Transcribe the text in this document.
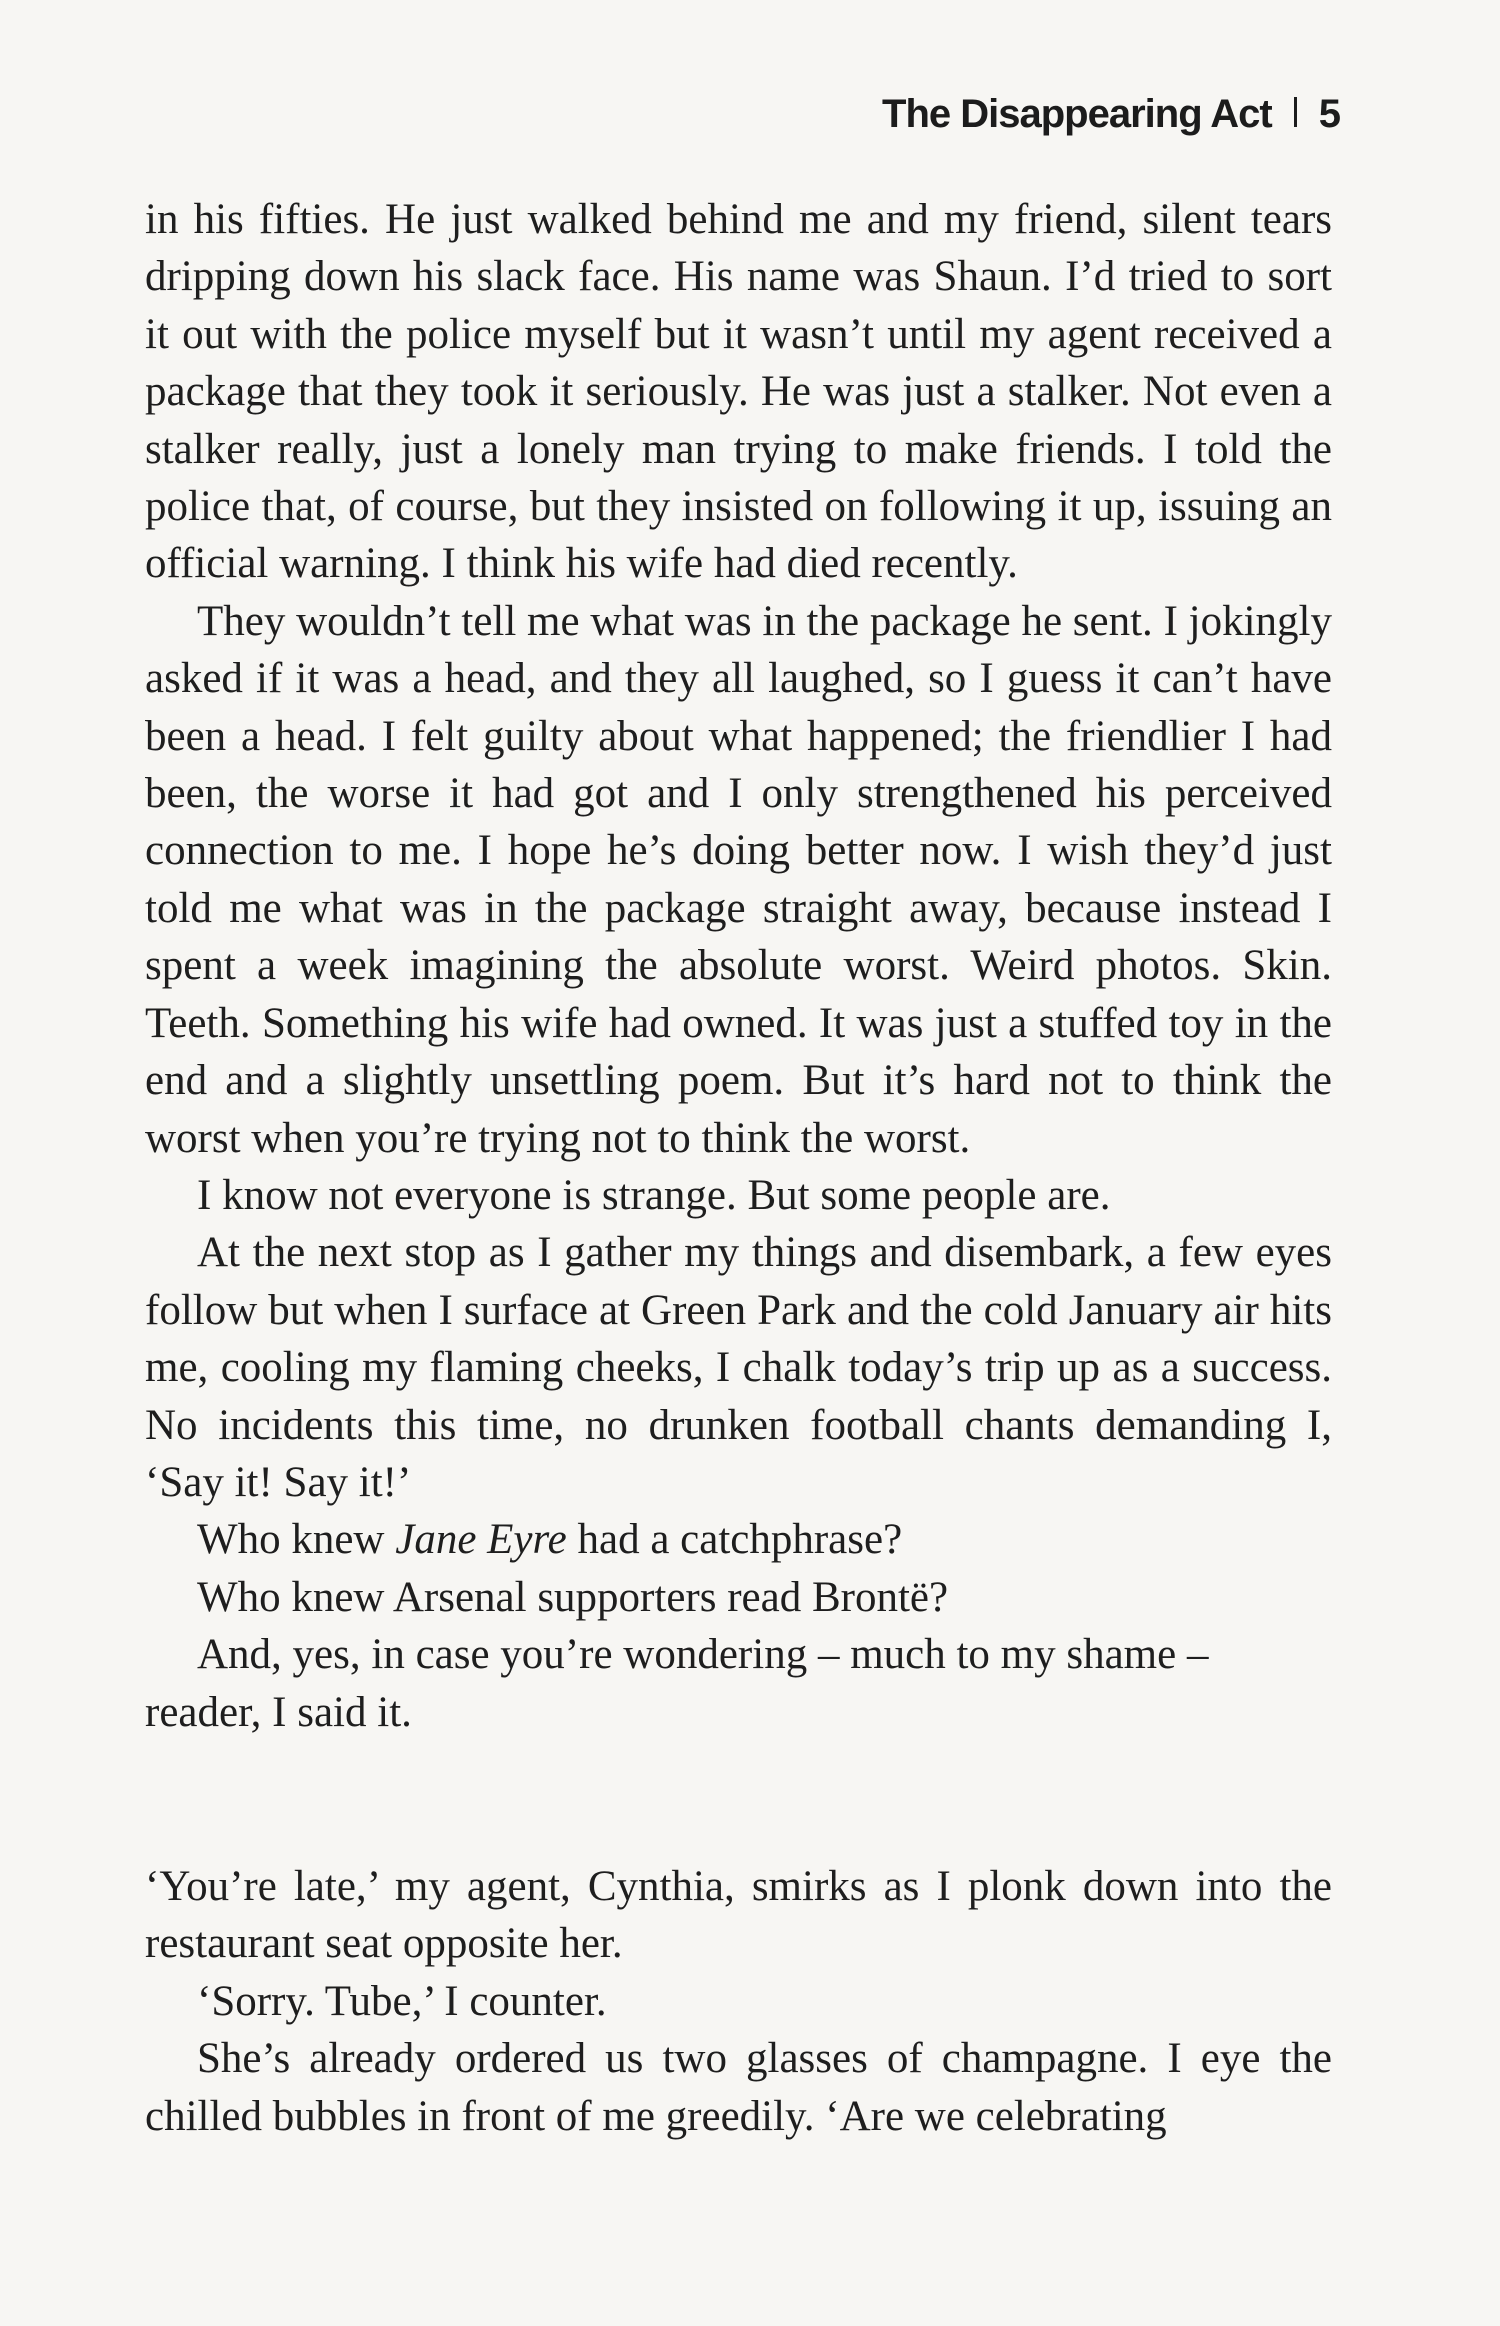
The Disappearing Act 5

in his fifties. He just walked behind me and my friend, silent tears dripping down his slack face. His name was Shaun. I’d tried to sort it out with the police myself but it wasn’t until my agent received a package that they took it seriously. He was just a stalker. Not even a stalker really, just a lonely man trying to make friends. I told the police that, of course, but they insisted on following it up, issuing an official warning. I think his wife had died recently.

They wouldn’t tell me what was in the package he sent. I jokingly asked if it was a head, and they all laughed, so I guess it can’t have been a head. I felt guilty about what happened; the friendlier I had been, the worse it had got and I only strengthened his perceived connection to me. I hope he’s doing better now. I wish they’d just told me what was in the package straight away, because instead I spent a week imagining the absolute worst. Weird photos. Skin. Teeth. Something his wife had owned. It was just a stuffed toy in the end and a slightly unsettling poem. But it’s hard not to think the worst when you’re trying not to think the worst.

I know not everyone is strange. But some people are.

At the next stop as I gather my things and disembark, a few eyes follow but when I surface at Green Park and the cold January air hits me, cooling my flaming cheeks, I chalk today’s trip up as a success. No incidents this time, no drunken football chants demanding I, ‘Say it! Say it!’

Who knew Jane Eyre had a catchphrase?

Who knew Arsenal supporters read Brontë?

And, yes, in case you’re wondering – much to my shame – reader, I said it.

‘You’re late,’ my agent, Cynthia, smirks as I plonk down into the restaurant seat opposite her.

‘Sorry. Tube,’ I counter.

She’s already ordered us two glasses of champagne. I eye the chilled bubbles in front of me greedily. ‘Are we celebrating
